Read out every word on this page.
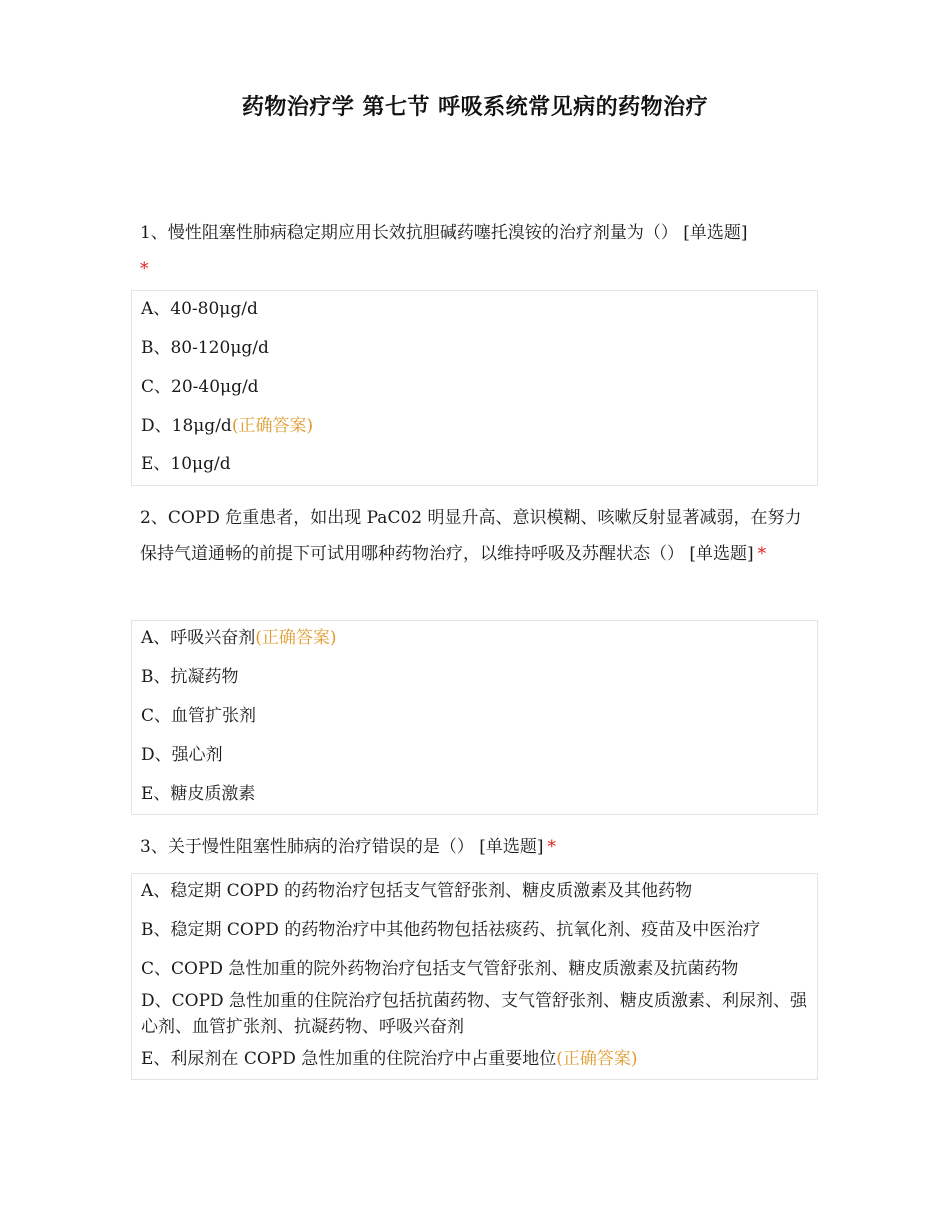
药物治疗学 第七节 呼吸系统常见病的药物治疗
1、慢性阻塞性肺病稳定期应用长效抗胆碱药噻托溴铵的治疗剂量为（） [单选题]
*
A、40-80μg/d
B、80-120μg/d
C、20-40μg/d
D、18μg/d(正确答案)
E、10μg/d
2、COPD 危重患者，如出现 PaC02 明显升高、意识模糊、咳嗽反射显著减弱，在努力保持气道通畅的前提下可试用哪种药物治疗，以维持呼吸及苏醒状态（） [单选题] *
A、呼吸兴奋剂(正确答案)
B、抗凝药物
C、血管扩张剂
D、强心剂
E、糖皮质激素
3、关于慢性阻塞性肺病的治疗错误的是（） [单选题] *
A、稳定期 COPD 的药物治疗包括支气管舒张剂、糖皮质激素及其他药物
B、稳定期 COPD 的药物治疗中其他药物包括祛痰药、抗氧化剂、疫苗及中医治疗
C、COPD 急性加重的院外药物治疗包括支气管舒张剂、糖皮质激素及抗菌药物
D、COPD 急性加重的住院治疗包括抗菌药物、支气管舒张剂、糖皮质激素、利尿剂、强心剂、血管扩张剂、抗凝药物、呼吸兴奋剂
E、利尿剂在 COPD 急性加重的住院治疗中占重要地位(正确答案)
